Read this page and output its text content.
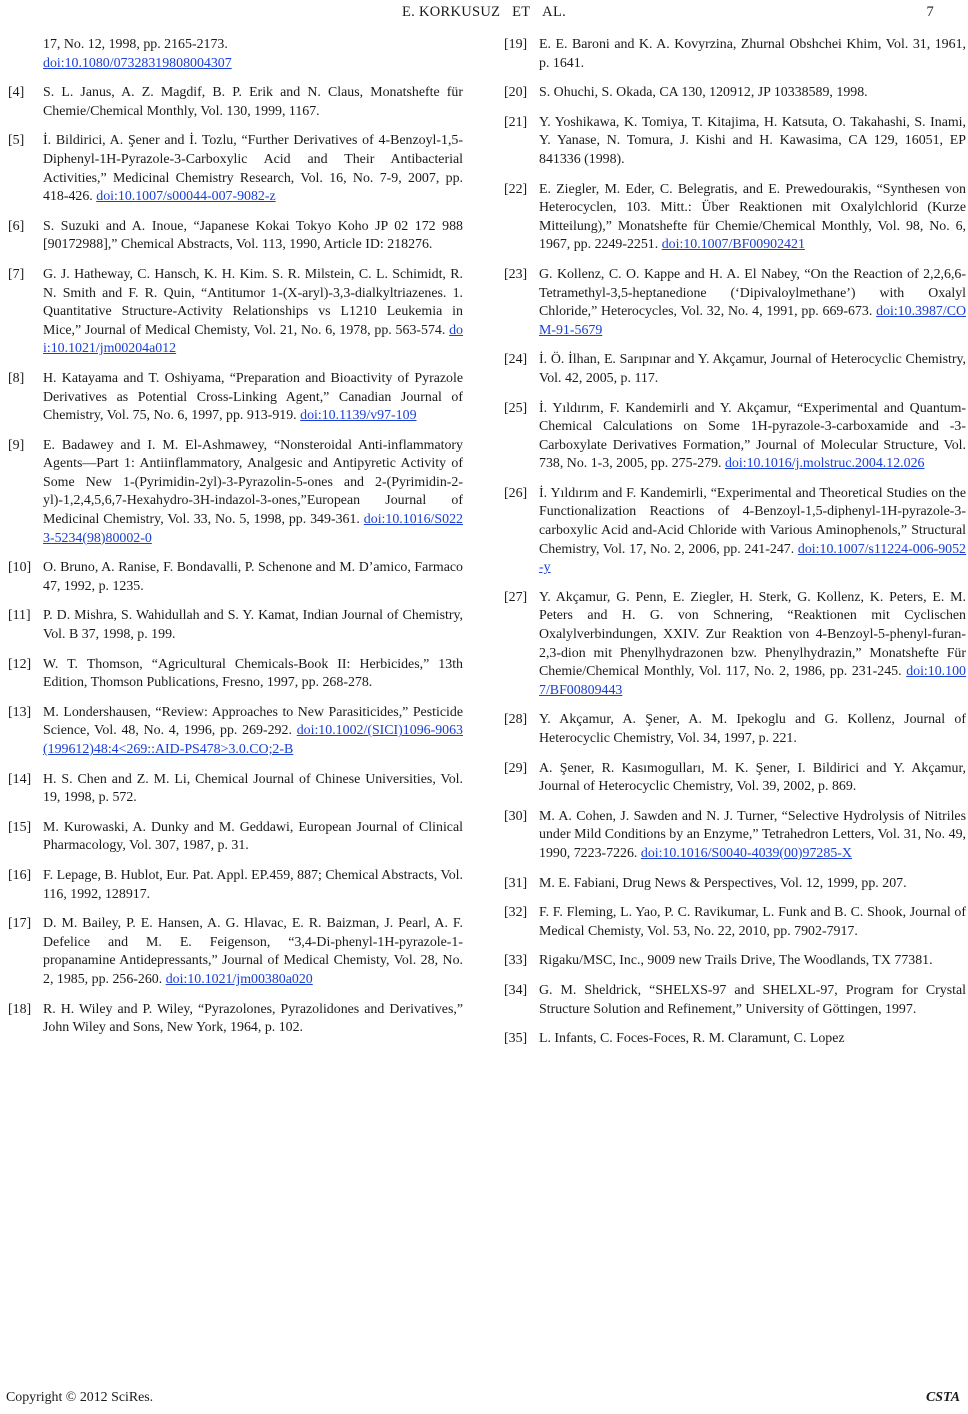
E. KORKUSUZ   ET   AL.	7
17, No. 12, 1998, pp. 2165-2173.
doi:10.1080/07328319808004307
[4] S. L. Janus, A. Z. Magdif, B. P. Erik and N. Claus, Monatshefte für Chemie/Chemical Monthly, Vol. 130, 1999, 1167.
[5] İ. Bildirici, A. Şener and İ. Tozlu, “Further Derivatives of 4-Benzoyl-1,5-Diphenyl-1H-Pyrazole-3-Carboxylic Acid and Their Antibacterial Activities,” Medicinal Chemistry Research, Vol. 16, No. 7-9, 2007, pp. 418-426. doi:10.1007/s00044-007-9082-z
[6] S. Suzuki and A. Inoue, “Japanese Kokai Tokyo Koho JP 02 172 988 [90172988],” Chemical Abstracts, Vol. 113, 1990, Article ID: 218276.
[7] G. J. Hatheway, C. Hansch, K. H. Kim. S. R. Milstein, C. L. Schimidt, R. N. Smith and F. R. Quin, “Antitumor 1-(X-aryl)-3,3-dialkyltriazenes. 1. Quantitative Structure-Activity Relationships vs L1210 Leukemia in Mice,” Journal of Medical Chemisty, Vol. 21, No. 6, 1978, pp. 563-574. doi:10.1021/jm00204a012
[8] H. Katayama and T. Oshiyama, “Preparation and Bioactivity of Pyrazole Derivatives as Potential Cross-Linking Agent,” Canadian Journal of Chemistry, Vol. 75, No. 6, 1997, pp. 913-919. doi:10.1139/v97-109
[9] E. Badawey and I. M. El-Ashmawey, “Nonsteroidal Anti-inflammatory Agents—Part 1: Antiinflammatory, Analgesic and Antipyretic Activity of Some New 1-(Pyrimidin-2yl)-3-Pyrazolin-5-ones and 2-(Pyrimidin-2-yl)-1,2,4,5,6,7-Hexahydro-3H-indazol-3-ones,”European Journal of Medicinal Chemistry, Vol. 33, No. 5, 1998, pp. 349-361. doi:10.1016/S0223-5234(98)80002-0
[10] O. Bruno, A. Ranise, F. Bondavalli, P. Schenone and M. D’amico, Farmaco 47, 1992, p. 1235.
[11] P. D. Mishra, S. Wahidullah and S. Y. Kamat, Indian Journal of Chemistry, Vol. B 37, 1998, p. 199.
[12] W. T. Thomson, “Agricultural Chemicals-Book II: Herbicides,” 13th Edition, Thomson Publications, Fresno, 1997, pp. 268-278.
[13] M. Londershausen, “Review: Approaches to New Parasiticides,” Pesticide Science, Vol. 48, No. 4, 1996, pp. 269-292. doi:10.1002/(SICI)1096-9063(199612)48:4<269::AID-PS478>3.0.CO;2-B
[14] H. S. Chen and Z. M. Li, Chemical Journal of Chinese Universities, Vol. 19, 1998, p. 572.
[15] M. Kurowaski, A. Dunky and M. Geddawi, European Journal of Clinical Pharmacology, Vol. 307, 1987, p. 31.
[16] F. Lepage, B. Hublot, Eur. Pat. Appl. EP.459, 887; Chemical Abstracts, Vol. 116, 1992, 128917.
[17] D. M. Bailey, P. E. Hansen, A. G. Hlavac, E. R. Baizman, J. Pearl, A. F. Defelice and M. E. Feigenson, “3,4-Di-phenyl-1H-pyrazole-1-propanamine Antidepressants,” Journal of Medical Chemisty, Vol. 28, No. 2, 1985, pp. 256-260. doi:10.1021/jm00380a020
[18] R. H. Wiley and P. Wiley, “Pyrazolones, Pyrazolidones and Derivatives,” John Wiley and Sons, New York, 1964, p. 102.
[19] E. E. Baroni and K. A. Kovyrzina, Zhurnal Obshchei Khim, Vol. 31, 1961, p. 1641.
[20] S. Ohuchi, S. Okada, CA 130, 120912, JP 10338589, 1998.
[21] Y. Yoshikawa, K. Tomiya, T. Kitajima, H. Katsuta, O. Takahashi, S. Inami, Y. Yanase, N. Tomura, J. Kishi and H. Kawasima, CA 129, 16051, EP 841336 (1998).
[22] E. Ziegler, M. Eder, C. Belegratis, and E. Prewedourakis, “Synthesen von Heterocyclen, 103. Mitt.: Über Reaktionen mit Oxalylchlorid (Kurze Mitteilung),” Monatshefte für Chemie/Chemical Monthly, Vol. 98, No. 6, 1967, pp. 2249-2251. doi:10.1007/BF00902421
[23] G. Kollenz, C. O. Kappe and H. A. El Nabey, “On the Reaction of 2,2,6,6-Tetramethyl-3,5-heptanedione (‘Dipivaloylmethane’) with Oxalyl Chloride,” Heterocycles, Vol. 32, No. 4, 1991, pp. 669-673. doi:10.3987/COM-91-5679
[24] İ. Ö. İlhan, E. Sarıpınar and Y. Akçamur, Journal of Heterocyclic Chemistry, Vol. 42, 2005, p. 117.
[25] İ. Yıldırım, F. Kandemirli and Y. Akçamur, “Experimental and Quantum-Chemical Calculations on Some 1H-pyrazole-3-carboxamide and -3-Carboxylate Derivatives Formation,” Journal of Molecular Structure, Vol. 738, No. 1-3, 2005, pp. 275-279. doi:10.1016/j.molstruc.2004.12.026
[26] İ. Yıldırım and F. Kandemirli, “Experimental and Theoretical Studies on the Functionalization Reactions of 4-Benzoyl-1,5-diphenyl-1H-pyrazole-3-carboxylic Acid and-Acid Chloride with Various Aminophenols,” Structural Chemistry, Vol. 17, No. 2, 2006, pp. 241-247. doi:10.1007/s11224-006-9052-y
[27] Y. Akçamur, G. Penn, E. Ziegler, H. Sterk, G. Kollenz, K. Peters, E. M. Peters and H. G. von Schnering, “Reaktionen mit Cyclischen Oxalylverbindungen, XXIV. Zur Reaktion von 4-Benzoyl-5-phenyl-furan-2,3-dion mit Phenylhydrazonen bzw. Phenylhydrazin,” Monatshefte Für Chemie/Chemical Monthly, Vol. 117, No. 2, 1986, pp. 231-245. doi:10.1007/BF00809443
[28] Y. Akçamur, A. Şener, A. M. Ipekoglu and G. Kollenz, Journal of Heterocyclic Chemistry, Vol. 34, 1997, p. 221.
[29] A. Şener, R. Kasımogulları, M. K. Şener, I. Bildirici and Y. Akçamur, Journal of Heterocyclic Chemistry, Vol. 39, 2002, p. 869.
[30] M. A. Cohen, J. Sawden and N. J. Turner, “Selective Hydrolysis of Nitriles under Mild Conditions by an Enzyme,” Tetrahedron Letters, Vol. 31, No. 49, 1990, 7223-7226. doi:10.1016/S0040-4039(00)97285-X
[31] M. E. Fabiani, Drug News & Perspectives, Vol. 12, 1999, pp. 207.
[32] F. F. Fleming, L. Yao, P. C. Ravikumar, L. Funk and B. C. Shook, Journal of Medical Chemisty, Vol. 53, No. 22, 2010, pp. 7902-7917.
[33] Rigaku/MSC, Inc., 9009 new Trails Drive, The Woodlands, TX 77381.
[34] G. M. Sheldrick, “SHELXS-97 and SHELXL-97, Program for Crystal Structure Solution and Refinement,” University of Göttingen, 1997.
[35] L. Infants, C. Foces-Foces, R. M. Claramunt, C. Lopez
Copyright © 2012 SciRes.	CSTA
